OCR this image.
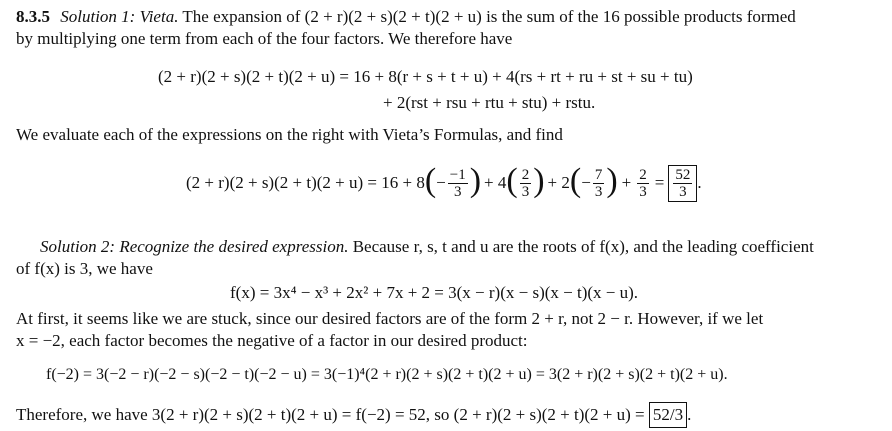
8.3.5 Solution 1: Vieta. The expansion of (2 + r)(2 + s)(2 + t)(2 + u) is the sum of the 16 possible products formed
by multiplying one term from each of the four factors. We therefore have
(2 + r)(2 + s)(2 + t)(2 + u) = 16 + 8(r + s + t + u) + 4(rs + rt + ru + st + su + tu)
+ 2(rst + rsu + rtu + stu) + rstu.
We evaluate each of the expressions on the right with Vieta’s Formulas, and find
(2 + r)(2 + s)(2 + t)(2 + u) = 16 + 8 ( − $\frac{-1}{3}$ ) + 4 ( $\frac{2}{3}$ ) + 2 ( − $\frac{7}{3}$ ) + $\frac{2}{3} = \frac{52}{3}$ .
Solution 2: Recognize the desired expression. Because r, s, t and u are the roots of f(x), and the leading coefficient
of f(x) is 3, we have
f(x) = 3x⁴ − x³ + 2x² + 7x + 2 = 3(x − r)(x − s)(x − t)(x − u).
At first, it seems like we are stuck, since our desired factors are of the form 2 + r, not 2 − r. However, if we let
x = −2, each factor becomes the negative of a factor in our desired product:
f(−2) = 3(−2 − r)(−2 − s)(−2 − t)(−2 − u) = 3(−1)⁴(2 + r)(2 + s)(2 + t)(2 + u) = 3(2 + r)(2 + s)(2 + t)(2 + u).
Therefore, we have 3(2 + r)(2 + s)(2 + t)(2 + u) = f(−2) = 52, so (2 + r)(2 + s)(2 + t)(2 + u) = 52/3 .
